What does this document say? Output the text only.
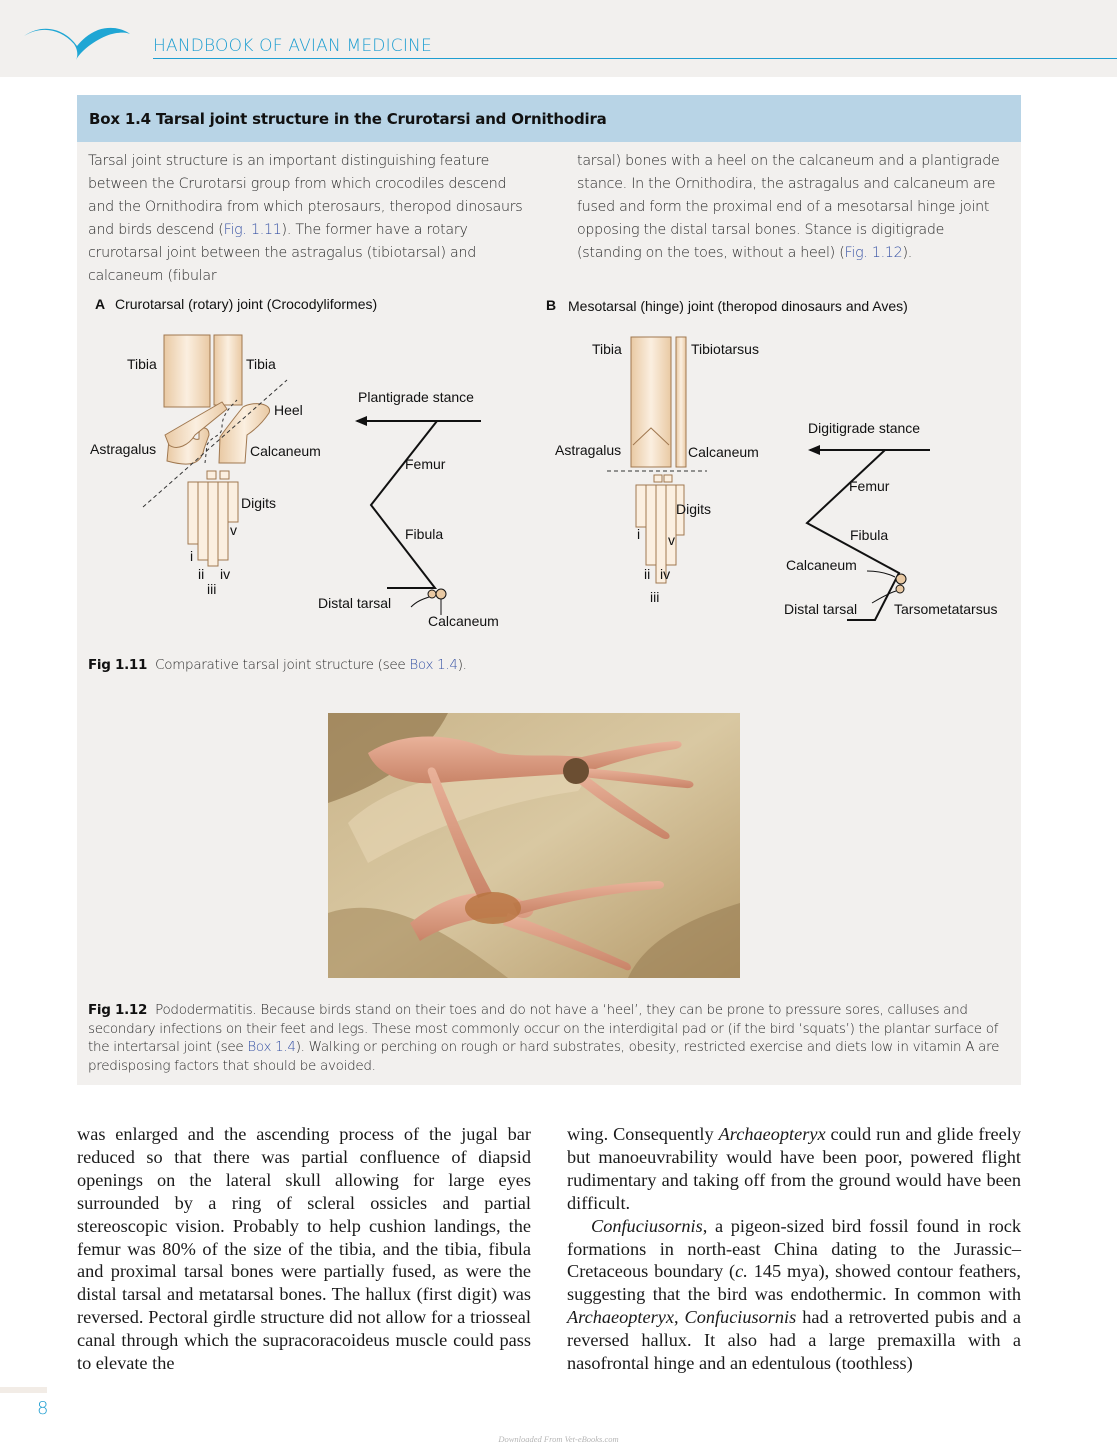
HANDBOOK OF AVIAN MEDICINE
Box 1.4 Tarsal joint structure in the Crurotarsi and Ornithodira
Tarsal joint structure is an important distinguishing feature between the Crurotarsi group from which crocodiles descend and the Ornithodira from which pterosaurs, theropod dinosaurs and birds descend (Fig. 1.11). The former have a rotary crurotarsal joint between the astragalus (tibiotarsal) and calcaneum (fibular
tarsal) bones with a heel on the calcaneum and a plantigrade stance. In the Ornithodira, the astragalus and calcaneum are fused and form the proximal end of a mesotarsal hinge joint opposing the distal tarsal bones. Stance is digitigrade (standing on the toes, without a heel) (Fig. 1.12).
A Crurotarsal (rotary) joint (Crocodyliformes)
Tibia	Tibia
Heel
Astragalus	Calcaneum
Digits
i
ii
iii
iv
v
Plantigrade stance
Femur
Fibula
Distal tarsal
Calcaneum
B Mesotarsal (hinge) joint (theropod dinosaurs and Aves)
Tibia	Tibiotarsus
Astragalus	Calcaneum
Digits
i
ii
iii
iv
v
Digitigrade stance
Femur
Fibula
Calcaneum
Distal tarsal	Tarsometatarsus
Fig 1.11 Comparative tarsal joint structure (see Box 1.4).
Fig 1.12 Pododermatitis. Because birds stand on their toes and do not have a ‘heel’, they can be prone to pressure sores, calluses and secondary infections on their feet and legs. These most commonly occur on the interdigital pad or (if the bird ‘squats’) the plantar surface of the intertarsal joint (see Box 1.4). Walking or perching on rough or hard substrates, obesity, restricted exercise and diets low in vitamin A are predisposing factors that should be avoided.
was enlarged and the ascending process of the jugal bar reduced so that there was partial confluence of diapsid openings on the lateral skull allowing for large eyes surrounded by a ring of scleral ossicles and partial stereoscopic vision. Probably to help cushion landings, the femur was 80% of the size of the tibia, and the tibia, fibula and proximal tarsal bones were partially fused, as were the distal tarsal and metatarsal bones. The hallux (first digit) was reversed. Pectoral girdle structure did not allow for a triosseal canal through which the supracoracoideus muscle could pass to elevate the
wing. Consequently Archaeopteryx could run and glide freely but manoeuvrability would have been poor, powered flight rudimentary and taking off from the ground would have been difficult.
Confuciusornis, a pigeon-sized bird fossil found in rock formations in north-east China dating to the Jurassic–Cretaceous boundary (c. 145 mya), showed contour feathers, suggesting that the bird was endothermic. In common with Archaeopteryx, Confuciusornis had a retroverted pubis and a reversed hallux. It also had a large premaxilla with a nasofrontal hinge and an edentulous (toothless)
8
Downloaded From Vet-eBooks.com
